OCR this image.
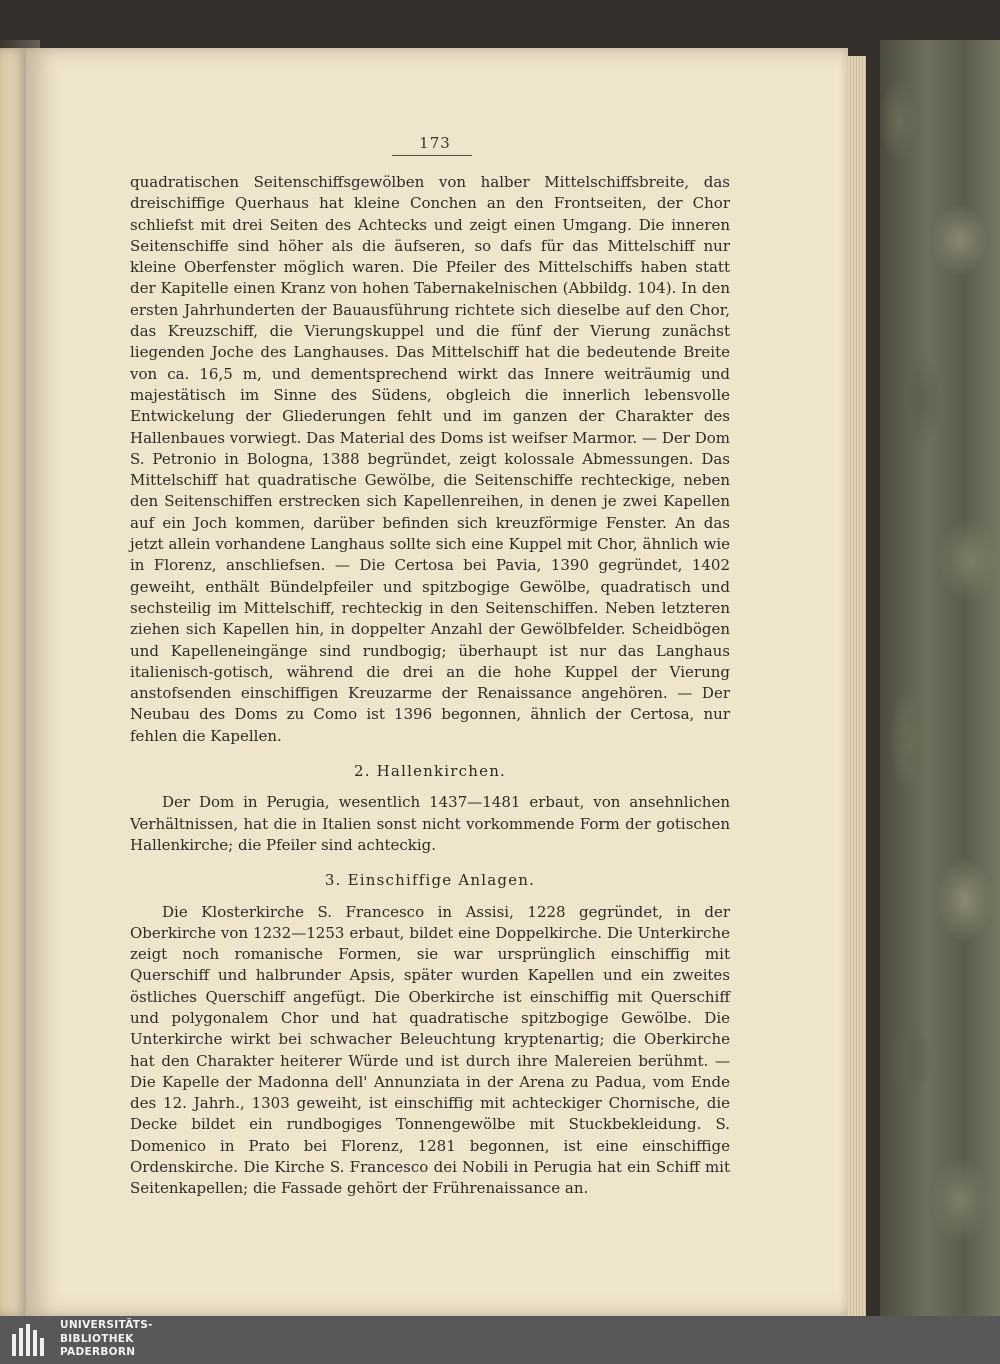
173

quadratischen Seitenschiffsgewölben von halber Mittelschiffsbreite, das dreischiffige Querhaus hat kleine Conchen an den Frontseiten, der Chor schliefst mit drei Seiten des Achtecks und zeigt einen Umgang. Die inneren Seitenschiffe sind höher als die äufseren, so dafs für das Mittelschiff nur kleine Oberfenster möglich waren. Die Pfeiler des Mittelschiffs haben statt der Kapitelle einen Kranz von hohen Tabernakelnischen (Abbildg. 104). In den ersten Jahrhunderten der Bauausführung richtete sich dieselbe auf den Chor, das Kreuzschiff, die Vierungskuppel und die fünf der Vierung zunächst liegenden Joche des Langhauses. Das Mittelschiff hat die bedeutende Breite von ca. 16,5 m, und dementsprechend wirkt das Innere weiträumig und majestätisch im Sinne des Südens, obgleich die innerlich lebensvolle Entwickelung der Gliederungen fehlt und im ganzen der Charakter des Hallenbaues vorwiegt. Das Material des Doms ist weifser Marmor. — Der Dom S. Petronio in Bologna, 1388 begründet, zeigt kolossale Abmessungen. Das Mittelschiff hat quadratische Gewölbe, die Seitenschiffe rechteckige, neben den Seitenschiffen erstrecken sich Kapellenreihen, in denen je zwei Kapellen auf ein Joch kommen, darüber befinden sich kreuzförmige Fenster. An das jetzt allein vorhandene Langhaus sollte sich eine Kuppel mit Chor, ähnlich wie in Florenz, anschliefsen. — Die Certosa bei Pavia, 1390 gegründet, 1402 geweiht, enthält Bündelpfeiler und spitzbogige Gewölbe, quadratisch und sechsteilig im Mittelschiff, rechteckig in den Seitenschiffen. Neben letzteren ziehen sich Kapellen hin, in doppelter Anzahl der Gewölbfelder. Scheidbögen und Kapelleneingänge sind rundbogig; überhaupt ist nur das Langhaus italienisch-gotisch, während die drei an die hohe Kuppel der Vierung anstofsenden einschiffigen Kreuzarme der Renaissance angehören. — Der Neubau des Doms zu Como ist 1396 begonnen, ähnlich der Certosa, nur fehlen die Kapellen.

2. Hallenkirchen.

Der Dom in Perugia, wesentlich 1437—1481 erbaut, von ansehnlichen Verhältnissen, hat die in Italien sonst nicht vorkommende Form der gotischen Hallenkirche; die Pfeiler sind achteckig.

3. Einschiffige Anlagen.

Die Klosterkirche S. Francesco in Assisi, 1228 gegründet, in der Oberkirche von 1232—1253 erbaut, bildet eine Doppelkirche. Die Unterkirche zeigt noch romanische Formen, sie war ursprünglich einschiffig mit Querschiff und halbrunder Apsis, später wurden Kapellen und ein zweites östliches Querschiff angefügt. Die Oberkirche ist einschiffig mit Querschiff und polygonalem Chor und hat quadratische spitzbogige Gewölbe. Die Unterkirche wirkt bei schwacher Beleuchtung kryptenartig; die Oberkirche hat den Charakter heiterer Würde und ist durch ihre Malereien berühmt. — Die Kapelle der Madonna dell' Annunziata in der Arena zu Padua, vom Ende des 12. Jahrh., 1303 geweiht, ist einschiffig mit achteckiger Chornische, die Decke bildet ein rundbogiges Tonnengewölbe mit Stuckbekleidung. S. Domenico in Prato bei Florenz, 1281 begonnen, ist eine einschiffige Ordenskirche. Die Kirche S. Francesco dei Nobili in Perugia hat ein Schiff mit Seitenkapellen; die Fassade gehört der Frührenaissance an.

UNIVERSITÄTS-
BIBLIOTHEK
PADERBORN
